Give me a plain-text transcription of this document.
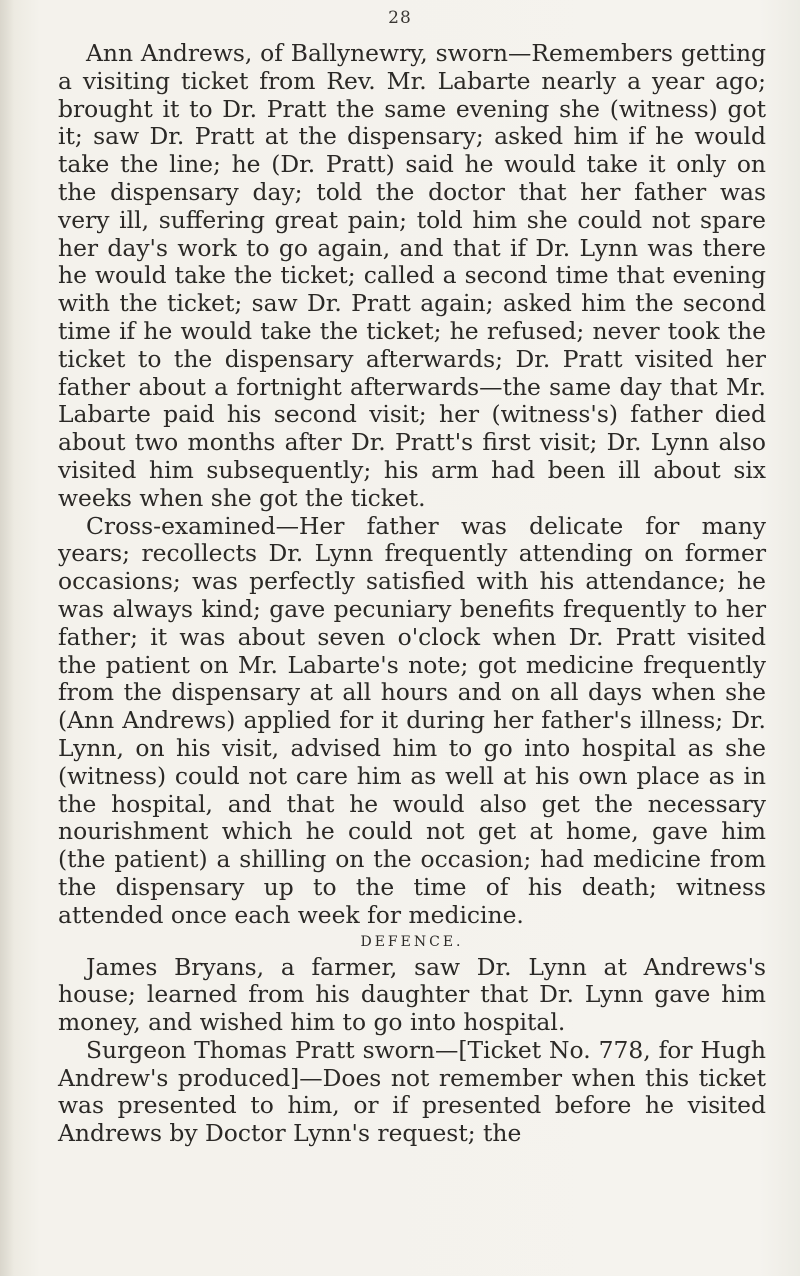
28

Ann Andrews, of Ballynewry, sworn—Remembers getting a visiting ticket from Rev. Mr. Labarte nearly a year ago; brought it to Dr. Pratt the same evening she (witness) got it; saw Dr. Pratt at the dispensary; asked him if he would take the line; he (Dr. Pratt) said he would take it only on the dispensary day; told the doctor that her father was very ill, suffering great pain; told him she could not spare her day's work to go again, and that if Dr. Lynn was there he would take the ticket; called a second time that evening with the ticket; saw Dr. Pratt again; asked him the second time if he would take the ticket; he refused; never took the ticket to the dispensary afterwards; Dr. Pratt visited her father about a fortnight afterwards—the same day that Mr. Labarte paid his second visit; her (witness's) father died about two months after Dr. Pratt's first visit; Dr. Lynn also visited him subsequently; his arm had been ill about six weeks when she got the ticket.

Cross-examined—Her father was delicate for many years; recollects Dr. Lynn frequently attending on former occasions; was perfectly satisfied with his attendance; he was always kind; gave pecuniary benefits frequently to her father; it was about seven o'clock when Dr. Pratt visited the patient on Mr. Labarte's note; got medicine frequently from the dispensary at all hours and on all days when she (Ann Andrews) applied for it during her father's illness; Dr. Lynn, on his visit, advised him to go into hospital as she (witness) could not care him as well at his own place as in the hospital, and that he would also get the necessary nourishment which he could not get at home, gave him (the patient) a shilling on the occasion; had medicine from the dispensary up to the time of his death; witness attended once each week for medicine.

DEFENCE.

James Bryans, a farmer, saw Dr. Lynn at Andrews's house; learned from his daughter that Dr. Lynn gave him money, and wished him to go into hospital.

Surgeon Thomas Pratt sworn—[Ticket No. 778, for Hugh Andrew's produced]—Does not remember when this ticket was presented to him, or if presented before he visited Andrews by Doctor Lynn's request; the
